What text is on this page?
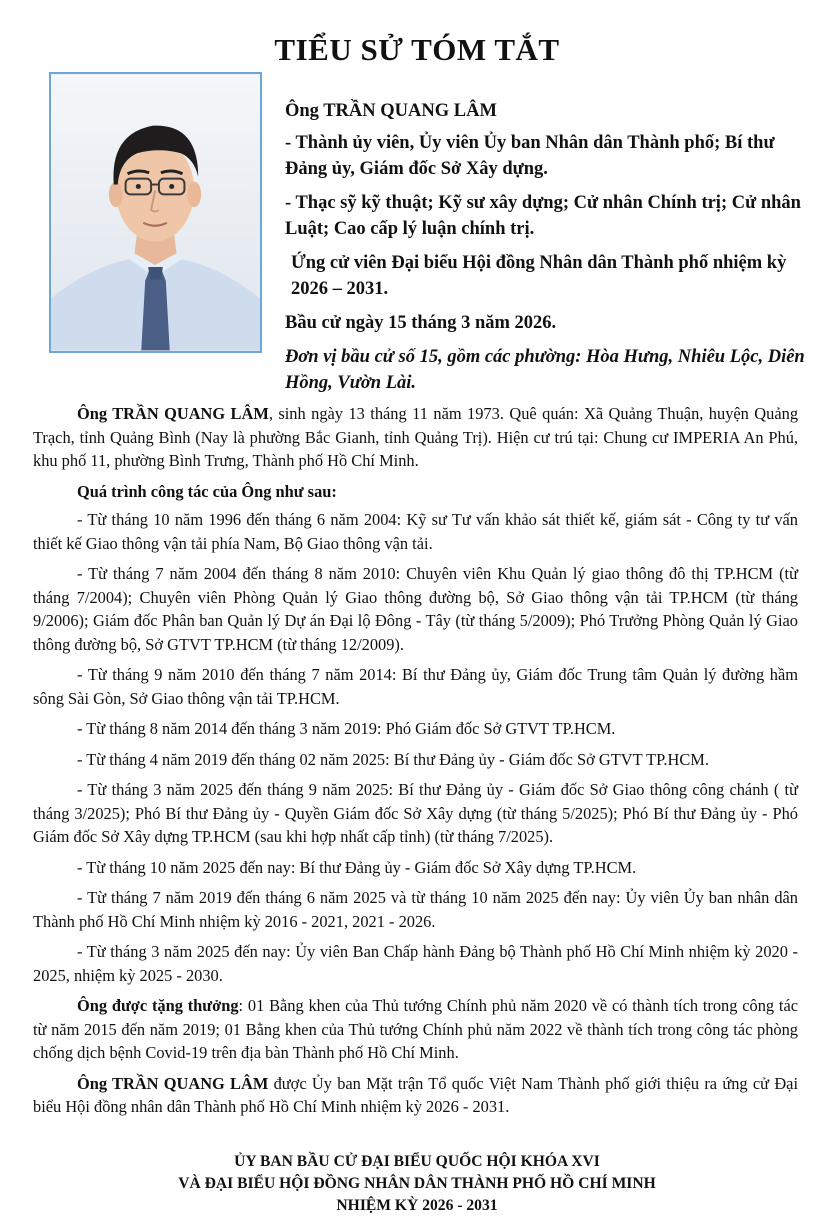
TIỂU SỬ TÓM TẮT

Ông TRẦN QUANG LÂM

- Thành ủy viên, Ủy viên Ủy ban Nhân dân Thành phố; Bí thư Đảng ủy, Giám đốc Sở Xây dựng.

- Thạc sỹ kỹ thuật; Kỹ sư xây dựng; Cử nhân Chính trị; Cử nhân Luật; Cao cấp lý luận chính trị.

Ứng cử viên Đại biểu Hội đồng Nhân dân Thành phố nhiệm kỳ 2026 – 2031.

Bầu cử ngày 15 tháng 3 năm 2026.

Đơn vị bầu cử số 15, gồm các phường: Hòa Hưng, Nhiêu Lộc, Diên Hồng, Vườn Lài.

Ông TRẦN QUANG LÂM, sinh ngày 13 tháng 11 năm 1973. Quê quán: Xã Quảng Thuận, huyện Quảng Trạch, tỉnh Quảng Bình (Nay là phường Bắc Gianh, tỉnh Quảng Trị). Hiện cư trú tại: Chung cư IMPERIA An Phú, khu phố 11, phường Bình Trưng, Thành phố Hồ Chí Minh.

Quá trình công tác của Ông như sau:

- Từ tháng 10 năm 1996 đến tháng 6 năm 2004: Kỹ sư Tư vấn khảo sát thiết kế, giám sát - Công ty tư vấn thiết kế Giao thông vận tải phía Nam, Bộ Giao thông vận tải.

- Từ tháng 7 năm 2004 đến tháng 8 năm 2010: Chuyên viên Khu Quản lý giao thông đô thị TP.HCM (từ tháng 7/2004); Chuyên viên Phòng Quản lý Giao thông đường bộ, Sở Giao thông vận tải TP.HCM (từ tháng 9/2006); Giám đốc Phân ban Quản lý Dự án Đại lộ Đông - Tây (từ tháng 5/2009); Phó Trưởng Phòng Quản lý Giao thông đường bộ, Sở GTVT TP.HCM (từ tháng 12/2009).

- Từ tháng 9 năm 2010 đến tháng 7 năm 2014: Bí thư Đảng ủy, Giám đốc Trung tâm Quản lý đường hầm sông Sài Gòn, Sở Giao thông vận tải TP.HCM.

- Từ tháng 8 năm 2014 đến tháng 3 năm 2019: Phó Giám đốc Sở GTVT TP.HCM.

- Từ tháng 4 năm 2019 đến tháng 02 năm 2025: Bí thư Đảng ủy - Giám đốc Sở GTVT TP.HCM.

- Từ tháng 3 năm 2025 đến tháng 9 năm 2025: Bí thư Đảng ủy - Giám đốc Sở Giao thông công chánh ( từ tháng 3/2025); Phó Bí thư Đảng ủy - Quyền Giám đốc Sở Xây dựng (từ tháng 5/2025); Phó Bí thư Đảng ủy - Phó Giám đốc Sở Xây dựng TP.HCM (sau khi hợp nhất cấp tỉnh) (từ tháng 7/2025).

- Từ tháng 10 năm 2025 đến nay: Bí thư Đảng ủy - Giám đốc Sở Xây dựng TP.HCM.

- Từ tháng 7 năm 2019 đến tháng 6 năm 2025 và từ tháng 10 năm 2025 đến nay: Ủy viên Ủy ban nhân dân Thành phố Hồ Chí Minh nhiệm kỳ 2016 - 2021, 2021 - 2026.

- Từ tháng 3 năm 2025 đến nay: Ủy viên Ban Chấp hành Đảng bộ Thành phố Hồ Chí Minh nhiệm kỳ 2020 - 2025, nhiệm kỳ 2025 - 2030.

Ông được tặng thưởng: 01 Bằng khen của Thủ tướng Chính phủ năm 2020 về có thành tích trong công tác từ năm 2015 đến năm 2019; 01 Bằng khen của Thủ tướng Chính phủ năm 2022 về thành tích trong công tác phòng chống dịch bệnh Covid-19 trên địa bàn Thành phố Hồ Chí Minh.

Ông TRẦN QUANG LÂM được Ủy ban Mặt trận Tổ quốc Việt Nam Thành phố giới thiệu ra ứng cử Đại biểu Hội đồng nhân dân Thành phố Hồ Chí Minh nhiệm kỳ 2026 - 2031.

ỦY BAN BẦU CỬ ĐẠI BIỂU QUỐC HỘI KHÓA XVI
VÀ ĐẠI BIỂU HỘI ĐỒNG NHÂN DÂN THÀNH PHỐ HỒ CHÍ MINH
NHIỆM KỲ 2026 - 2031
